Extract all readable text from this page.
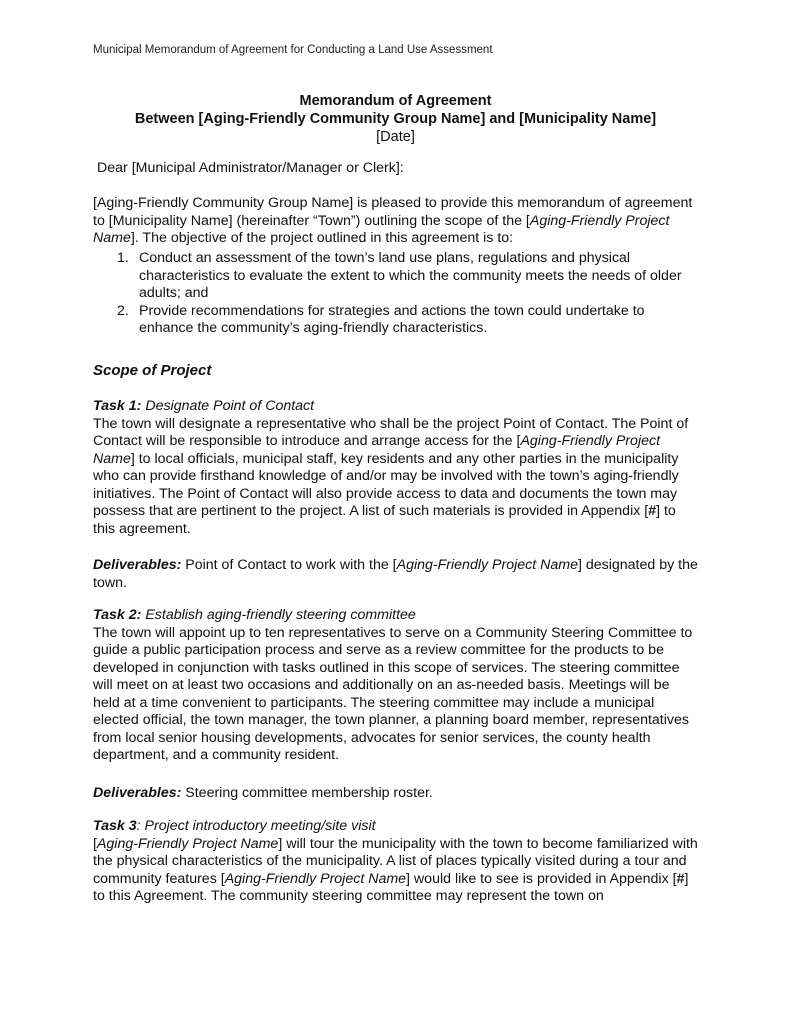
Municipal Memorandum of Agreement for Conducting a Land Use Assessment
Memorandum of Agreement
Between [Aging-Friendly Community Group Name] and [Municipality Name]
[Date]
Dear [Municipal Administrator/Manager or Clerk]:
[Aging-Friendly Community Group Name] is pleased to provide this memorandum of agreement to [Municipality Name] (hereinafter “Town”) outlining the scope of the [Aging-Friendly Project Name]. The objective of the project outlined in this agreement is to:
1. Conduct an assessment of the town’s land use plans, regulations and physical characteristics to evaluate the extent to which the community meets the needs of older adults; and
2. Provide recommendations for strategies and actions the town could undertake to enhance the community’s aging-friendly characteristics.
Scope of Project

Task 1: Designate Point of Contact

The town will designate a representative who shall be the project Point of Contact. The Point of Contact will be responsible to introduce and arrange access for the [Aging-Friendly Project Name] to local officials, municipal staff, key residents and any other parties in the municipality who can provide firsthand knowledge of and/or may be involved with the town’s aging-friendly initiatives. The Point of Contact will also provide access to data and documents the town may possess that are pertinent to the project. A list of such materials is provided in Appendix [#] to this agreement.

Deliverables: Point of Contact to work with the [Aging-Friendly Project Name] designated by the town.

Task 2: Establish aging-friendly steering committee

The town will appoint up to ten representatives to serve on a Community Steering Committee to guide a public participation process and serve as a review committee for the products to be developed in conjunction with tasks outlined in this scope of services. The steering committee will meet on at least two occasions and additionally on an as-needed basis. Meetings will be held at a time convenient to participants. The steering committee may include a municipal elected official, the town manager, the town planner, a planning board member, representatives from local senior housing developments, advocates for senior services, the county health department, and a community resident.

Deliverables: Steering committee membership roster.

Task 3: Project introductory meeting/site visit

[Aging-Friendly Project Name] will tour the municipality with the town to become familiarized with the physical characteristics of the municipality. A list of places typically visited during a tour and community features [Aging-Friendly Project Name] would like to see is provided in Appendix [#] to this Agreement. The community steering committee may represent the town on
